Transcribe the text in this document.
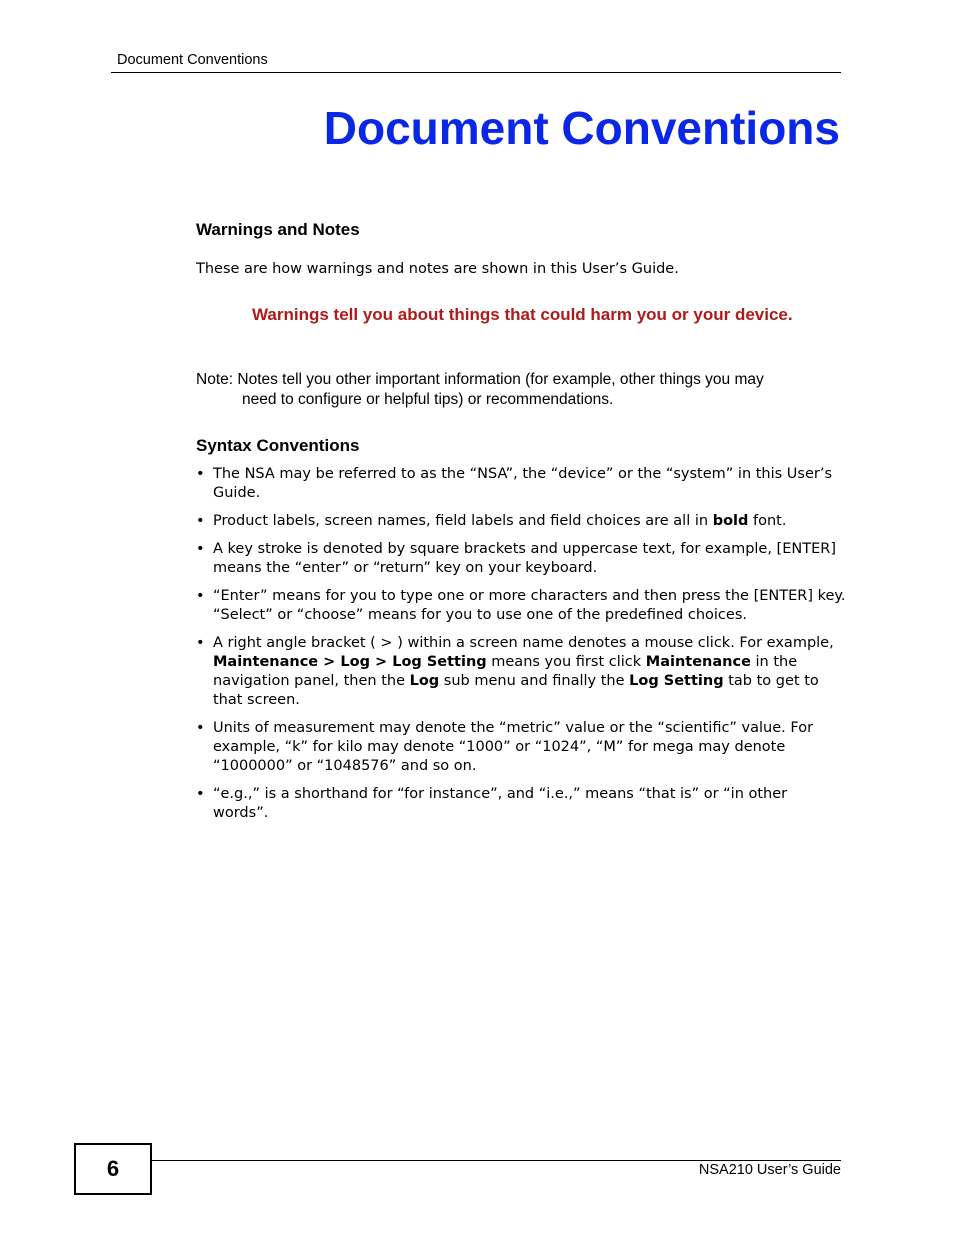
Document Conventions
Document Conventions
Warnings and Notes

These are how warnings and notes are shown in this User’s Guide.

Warnings tell you about things that could harm you or your device.

Note: Notes tell you other important information (for example, other things you may
need to configure or helpful tips) or recommendations.

Syntax Conventions
• The NSA may be referred to as the “NSA”, the “device” or the “system” in this User’s Guide.
• Product labels, screen names, field labels and field choices are all in bold font.
• A key stroke is denoted by square brackets and uppercase text, for example, [ENTER] means the “enter” or “return” key on your keyboard.
• “Enter” means for you to type one or more characters and then press the [ENTER] key. “Select” or “choose” means for you to use one of the predefined choices.
• A right angle bracket ( > ) within a screen name denotes a mouse click. For example, Maintenance > Log > Log Setting means you first click Maintenance in the navigation panel, then the Log sub menu and finally the Log Setting tab to get to that screen.
• Units of measurement may denote the “metric” value or the “scientific” value. For example, “k” for kilo may denote “1000” or “1024”, “M” for mega may denote “1000000” or “1048576” and so on.
• “e.g.,” is a shorthand for “for instance”, and “i.e.,” means “that is” or “in other words”.
6	NSA210 User’s Guide
